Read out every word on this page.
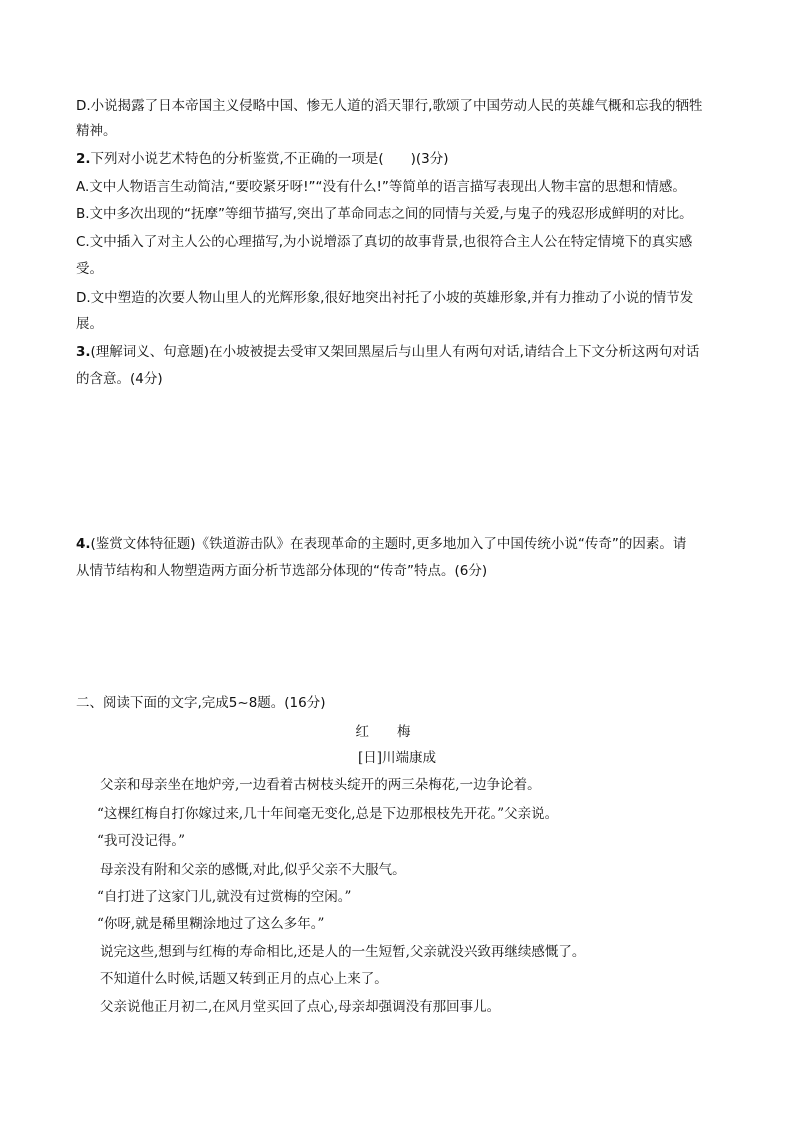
D.小说揭露了日本帝国主义侵略中国、惨无人道的滔天罪行,歌颂了中国劳动人民的英雄气概和忘我的牺牲
精神。
2.下列对小说艺术特色的分析鉴赏,不正确的一项是(　　)(3分)
A.文中人物语言生动简洁,“要咬紧牙呀!”“没有什么!”等简单的语言描写表现出人物丰富的思想和情感。
B.文中多次出现的“抚摩”等细节描写,突出了革命同志之间的同情与关爱,与鬼子的残忍形成鲜明的对比。
C.文中插入了对主人公的心理描写,为小说增添了真切的故事背景,也很符合主人公在特定情境下的真实感
受。
D.文中塑造的次要人物山里人的光辉形象,很好地突出衬托了小坡的英雄形象,并有力推动了小说的情节发
展。
3.(理解词义、句意题)在小坡被提去受审又架回黑屋后与山里人有两句对话,请结合上下文分析这两句对话
的含意。(4分)
4.(鉴赏文体特征题)《铁道游击队》在表现革命的主题时,更多地加入了中国传统小说“传奇”的因素。请
从情节结构和人物塑造两方面分析节选部分体现的“传奇”特点。(6分)
二、阅读下面的文字,完成5~8题。(16分)
红梅
[日]川端康成
父亲和母亲坐在地炉旁,一边看着古树枝头绽开的两三朵梅花,一边争论着。
“这棵红梅自打你嫁过来,几十年间毫无变化,总是下边那根枝先开花。”父亲说。
“我可没记得。”
母亲没有附和父亲的感慨,对此,似乎父亲不大服气。
“自打进了这家门儿,就没有过赏梅的空闲。”
“你呀,就是稀里糊涂地过了这么多年。”
说完这些,想到与红梅的寿命相比,还是人的一生短暂,父亲就没兴致再继续感慨了。
不知道什么时候,话题又转到正月的点心上来了。
父亲说他正月初二,在风月堂买回了点心,母亲却强调没有那回事儿。
